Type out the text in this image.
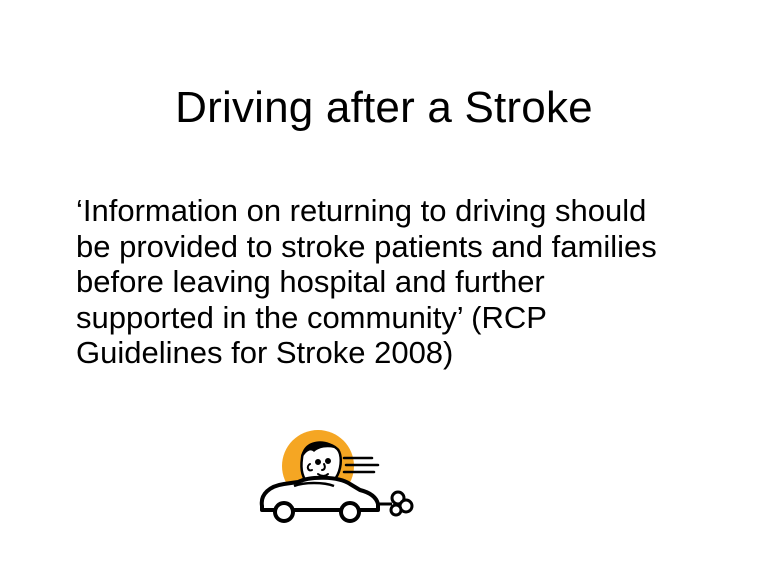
Driving after a Stroke
‘Information on returning to driving should
be provided to stroke patients and families
before leaving hospital and further
supported in the community’ (RCP
Guidelines for Stroke 2008)
